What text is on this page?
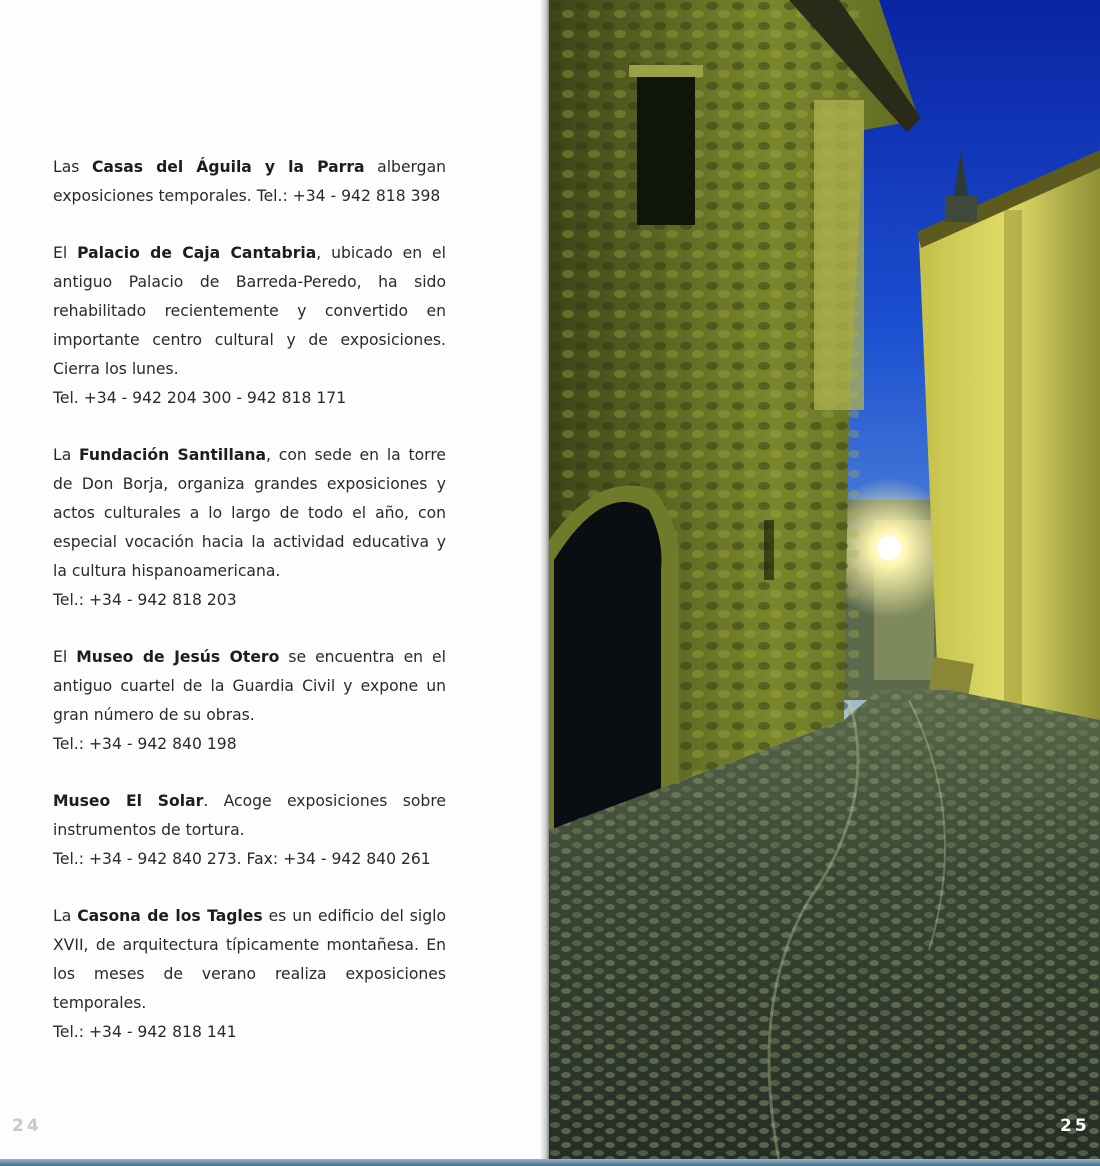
Las Casas del Águila y la Parra albergan exposiciones temporales. Tel.: +34 - 942 818 398

El Palacio de Caja Cantabria, ubicado en el antiguo Palacio de Barreda-Peredo, ha sido rehabilitado recientemente y convertido en importante centro cultural y de exposiciones. Cierra los lunes.
Tel. +34 - 942 204 300 - 942 818 171

La Fundación Santillana, con sede en la torre de Don Borja, organiza grandes exposiciones y actos culturales a lo largo de todo el año, con especial vocación hacia la actividad educativa y la cultura hispanoamericana.
Tel.: +34 - 942 818 203

El Museo de Jesús Otero se encuentra en el antiguo cuartel de la Guardia Civil y expone un gran número de su obras.
Tel.: +34 - 942 840 198

Museo El Solar. Acoge exposiciones sobre instrumentos de tortura.
Tel.: +34 - 942 840 273. Fax: +34 - 942 840 261

La Casona de los Tagles es un edificio del siglo XVII, de arquitectura típicamente montañesa. En los meses de verano realiza exposiciones temporales.
Tel.: +34 - 942 818 141

24	25
